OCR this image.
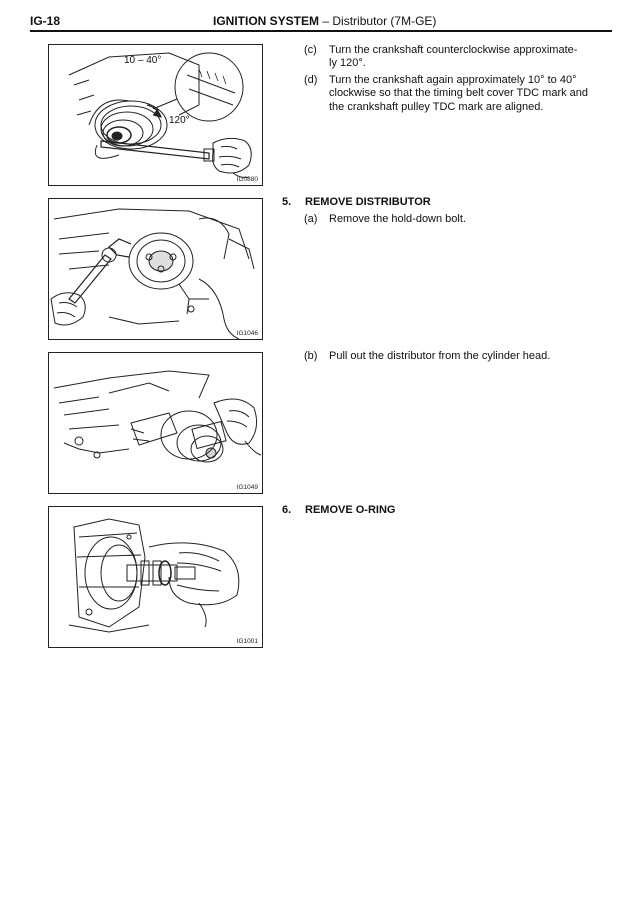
IG-18	IGNITION SYSTEM – Distributor (7M-GE)
10 – 40°
120°
IG0880
IG1046
IG1049
IG1001
(c) Turn the crankshaft counterclockwise approximate-
ly 120°.
(d) Turn the crankshaft again approximately 10° to 40° clockwise so that the timing belt cover TDC mark and the crankshaft pulley TDC mark are aligned.
5. REMOVE DISTRIBUTOR
(a) Remove the hold-down bolt.
(b) Pull out the distributor from the cylinder head.
6. REMOVE O-RING
